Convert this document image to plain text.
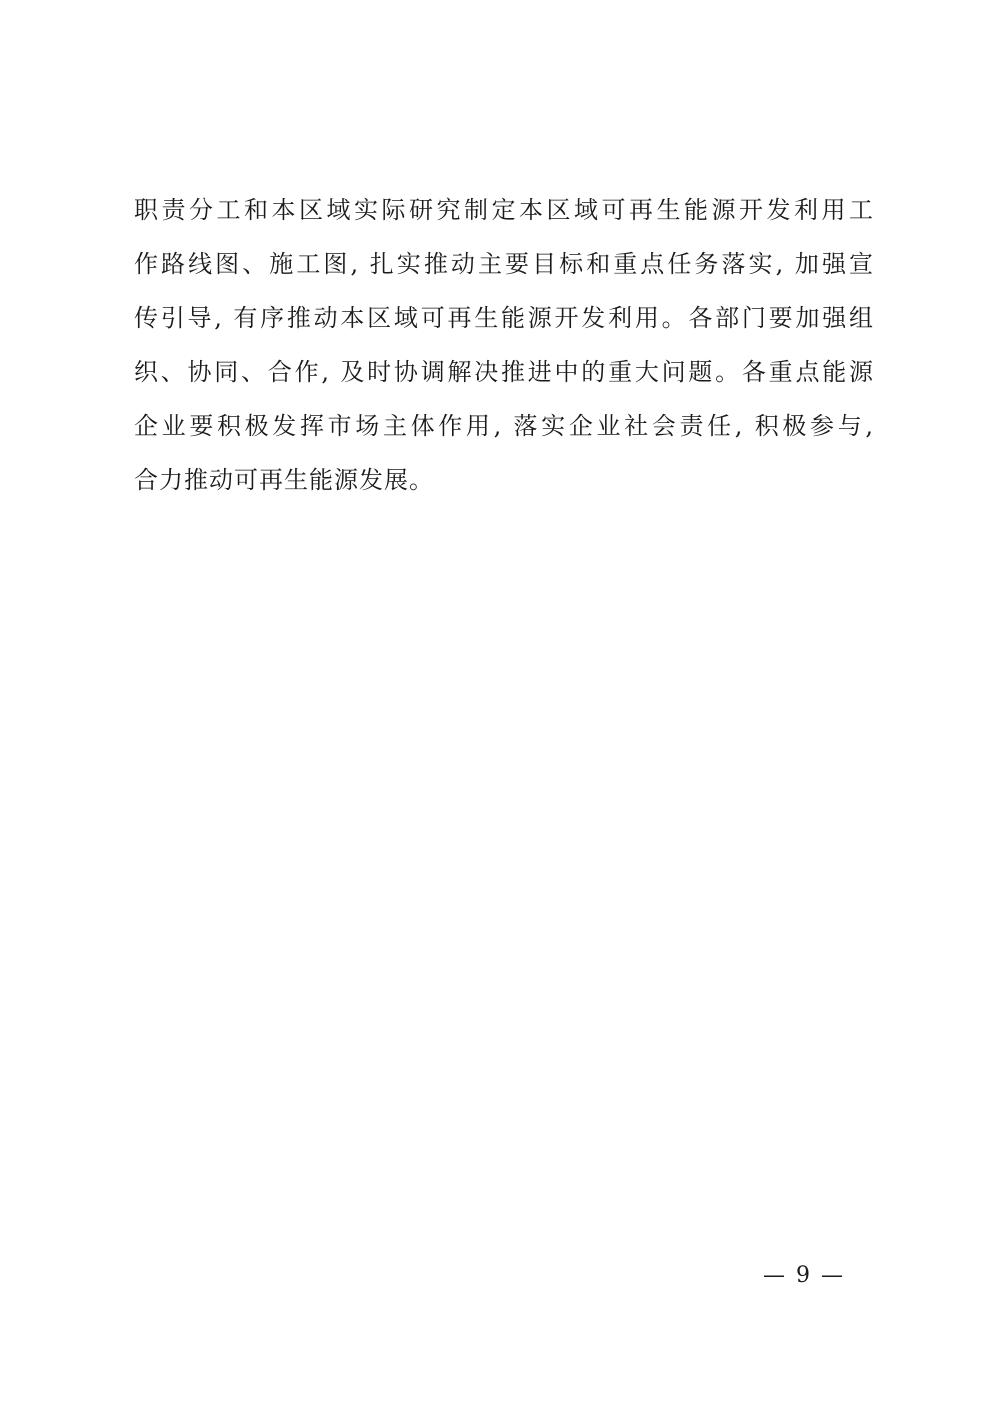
职责分工和本区域实际研究制定本区域可再生能源开发利用工
作路线图、施工图, 扎实推动主要目标和重点任务落实, 加强宣
传引导, 有序推动本区域可再生能源开发利用。各部门要加强组
织、协同、合作, 及时协调解决推进中的重大问题。各重点能源
企业要积极发挥市场主体作用, 落实企业社会责任, 积极参与,
合力推动可再生能源发展。
— 9 —
